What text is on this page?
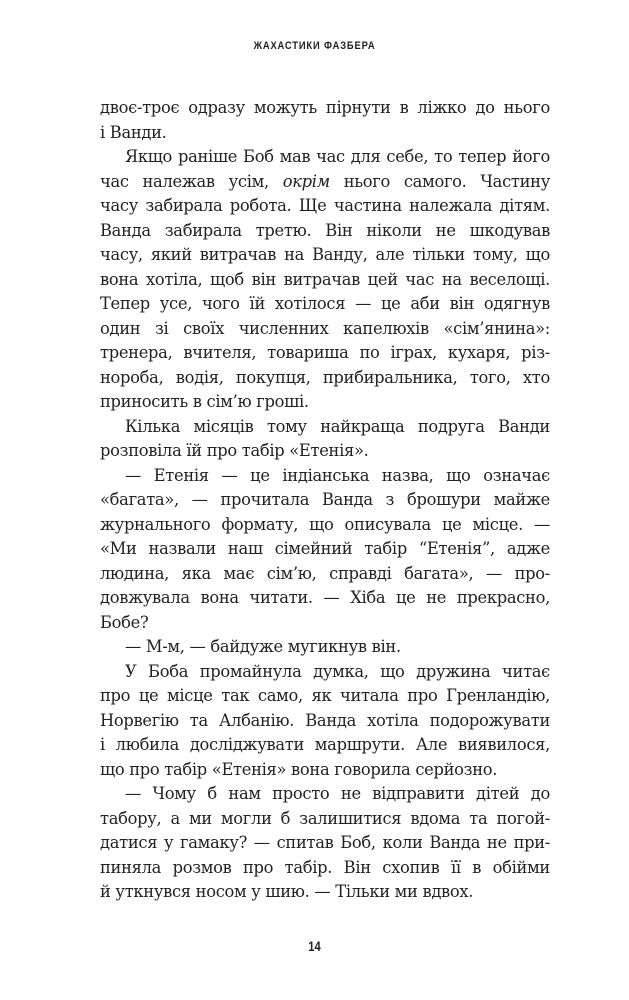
ЖАХАСТИКИ ФАЗБЕРА
двоє-троє одразу можуть пірнути в ліжко до нього
і Ванди.
Якщо раніше Боб мав час для себе, то тепер його
час належав усім, окрім нього самого. Частину
часу забирала робота. Ще частина належала дітям.
Ванда забирала третю. Він ніколи не шкодував
часу, який витрачав на Ванду, але тільки тому, що
вона хотіла, щоб він витрачав цей час на веселощі.
Тепер усе, чого їй хотілося — це аби він одягнув
один зі своїх численних капелюхів «сім’янина»:
тренера, вчителя, товариша по іграх, кухаря, різ-
нороба, водія, покупця, прибиральника, того, хто
приносить в сім’ю гроші.
Кілька місяців тому найкраща подруга Ванди
розповіла їй про табір «Етенія».
— Етенія — це індіанська назва, що означає
«багата», — прочитала Ванда з брошури майже
журнального формату, що описувала це місце. —
«Ми назвали наш сімейний табір “Етенія”, адже
людина, яка має сім’ю, справді багата», — про-
довжувала вона читати. — Хіба це не прекрасно,
Бобе?
— М-м, — байдуже мугикнув він.
У Боба промайнула думка, що дружина читає
про це місце так само, як читала про Гренландію,
Норвегію та Албанію. Ванда хотіла подорожувати
і любила досліджувати маршрути. Але виявилося,
що про табір «Етенія» вона говорила серйозно.
— Чому б нам просто не відправити дітей до
табору, а ми могли б залишитися вдома та погой-
датися у гамаку? — спитав Боб, коли Ванда не при-
пиняла розмов про табір. Він схопив її в обійми
й уткнувся носом у шию. — Тільки ми вдвох.
14
